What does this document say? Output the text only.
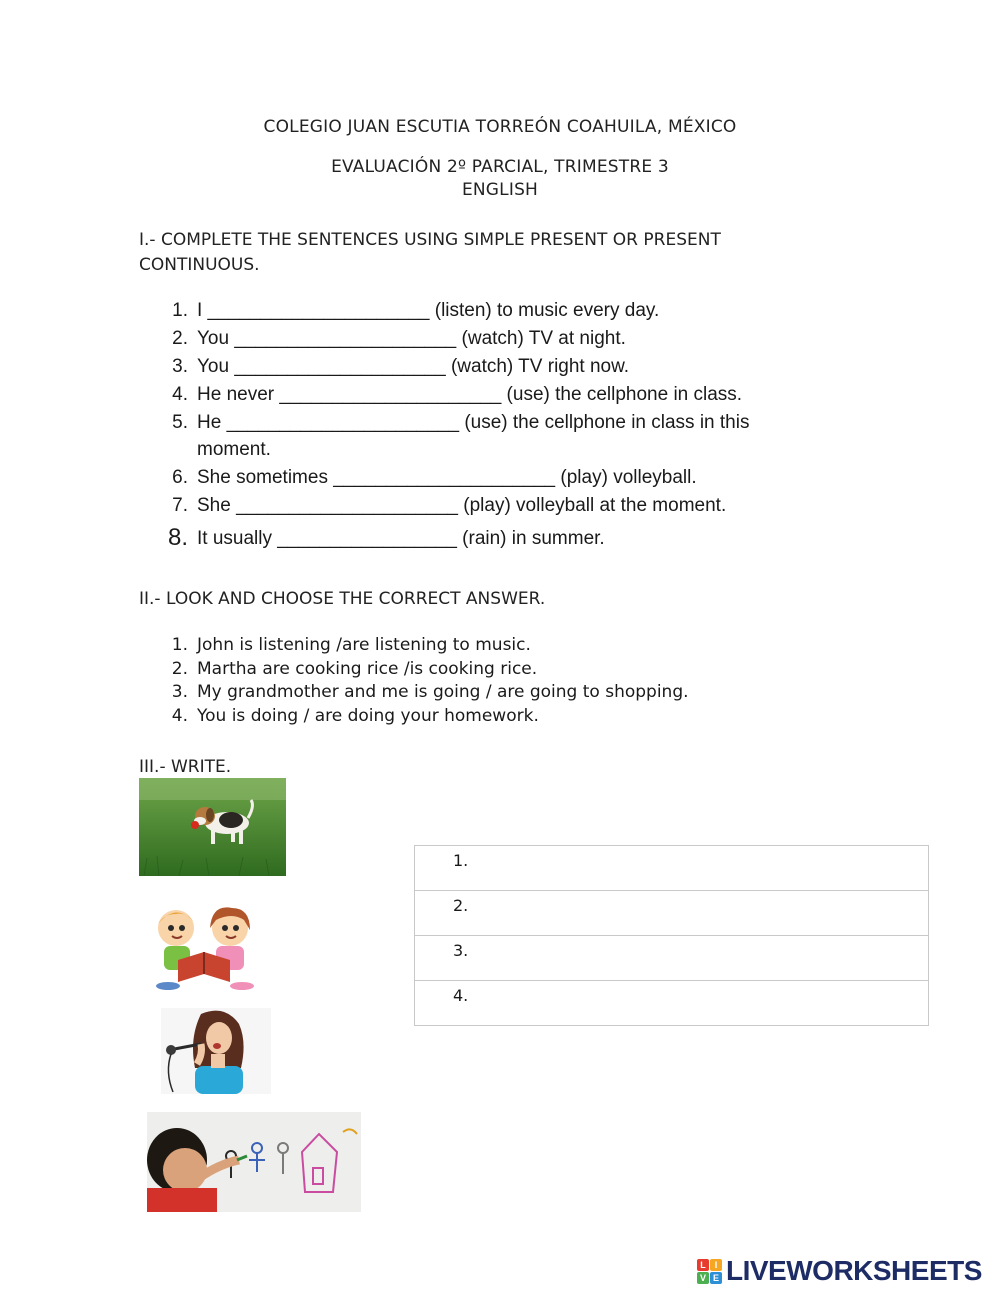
COLEGIO JUAN ESCUTIA TORREÓN COAHUILA, MÉXICO
EVALUACIÓN 2º PARCIAL, TRIMESTRE 3
ENGLISH
I.- COMPLETE THE SENTENCES USING SIMPLE PRESENT OR PRESENT
CONTINUOUS.
1. I _____________________ (listen) to music every day.
2. You _____________________ (watch) TV at night.
3. You ____________________ (watch) TV right now.
4. He never _____________________ (use) the cellphone in class.
5. He ______________________ (use) the cellphone in class in this
moment.
6. She sometimes _____________________ (play) volleyball.
7. She _____________________ (play) volleyball at the moment.
8. It usually _________________ (rain) in summer.
II.- LOOK AND CHOOSE THE CORRECT ANSWER.
1. John is listening /are listening to music.
2. Martha are cooking rice /is cooking rice.
3. My grandmother and me is going / are going to shopping.
4. You is doing / are doing your homework.
III.- WRITE.
1.
2.
3.
4.
L I
V E LIVEWORKSHEETS
